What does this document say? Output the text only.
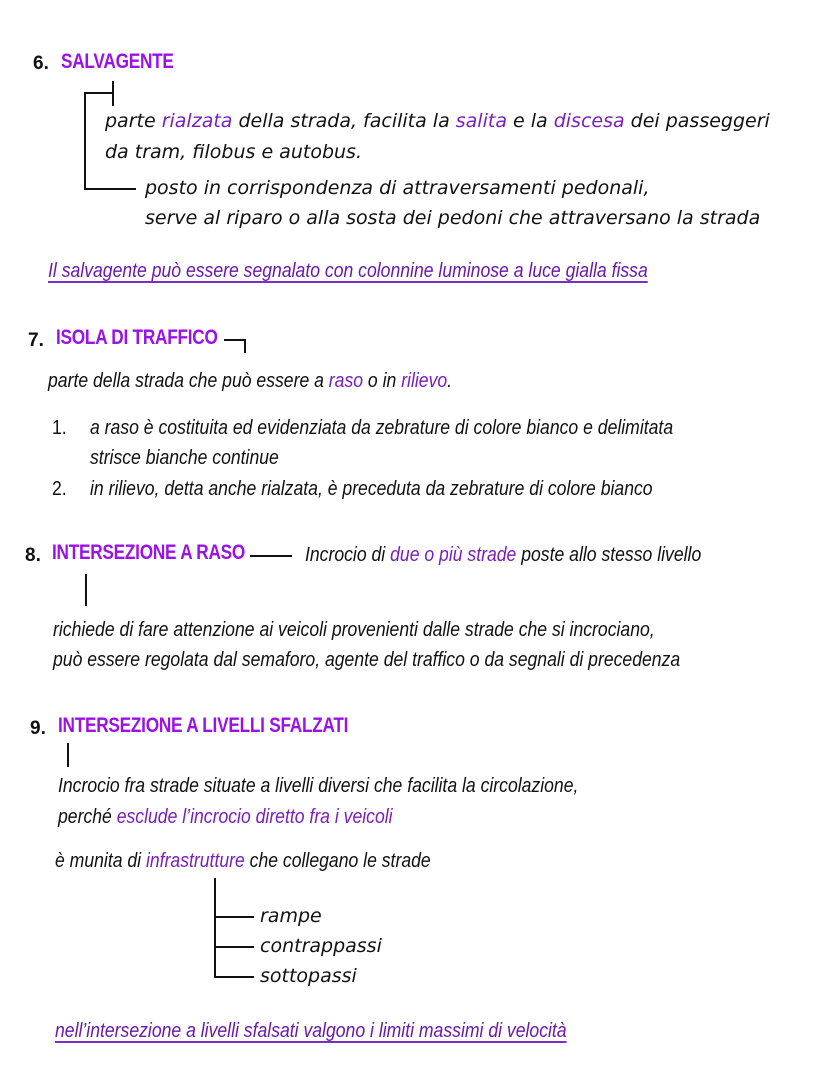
6. SALVAGENTE
parte rialzata della strada, facilita la salita e la discesa dei passeggeri
da tram, filobus e autobus.
posto in corrispondenza di attraversamenti pedonali,
serve al riparo o alla sosta dei pedoni che attraversano la strada
Il salvagente può essere segnalato con colonnine luminose a luce gialla fissa
7. ISOLA DI TRAFFICO
parte della strada che può essere a raso o in rilievo.
1. a raso è costituita ed evidenziata da zebrature di colore bianco e delimitata
strisce bianche continue
2. in rilievo, detta anche rialzata, è preceduta da zebrature di colore bianco
8. INTERSEZIONE A RASO	Incrocio di due o più strade poste allo stesso livello
richiede di fare attenzione ai veicoli provenienti dalle strade che si incrociano,
può essere regolata dal semaforo, agente del traffico o da segnali di precedenza
9. INTERSEZIONE A LIVELLI SFALZATI
Incrocio fra strade situate a livelli diversi che facilita la circolazione,
perché esclude l’incrocio diretto fra i veicoli
è munita di infrastrutture che collegano le strade
rampe
contrappassi
sottopassi
nell’intersezione a livelli sfalsati valgono i limiti massimi di velocità
